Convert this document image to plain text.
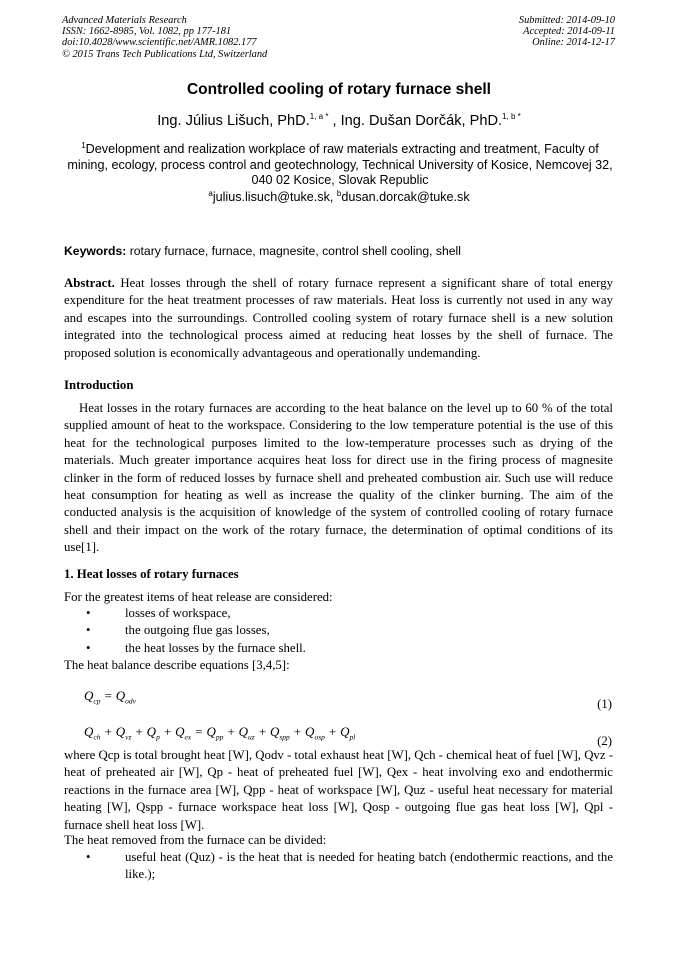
Advanced Materials Research
ISSN: 1662-8985, Vol. 1082, pp 177-181
doi:10.4028/www.scientific.net/AMR.1082.177
© 2015 Trans Tech Publications Ltd, Switzerland
Submitted: 2014-09-10
Accepted: 2014-09-11
Online: 2014-12-17
Controlled cooling of rotary furnace shell
Ing. Július Lišuch, PhD.$^{1, a *}$ , Ing. Dušan Dorčák, PhD.$^{1, b *}$
$^1$Development and realization workplace of raw materials extracting and treatment, Faculty of mining, ecology, process control and geotechnology, Technical University of Kosice, Nemcovej 32, 040 02 Kosice, Slovak Republic
$^a$julius.lisuch@tuke.sk, $^b$dusan.dorcak@tuke.sk
Keywords: rotary furnace, furnace, magnesite, control shell cooling, shell
Abstract. Heat losses through the shell of rotary furnace represent a significant share of total energy expenditure for the heat treatment processes of raw materials. Heat loss is currently not used in any way and escapes into the surroundings. Controlled cooling system of rotary furnace shell is a new solution integrated into the technological process aimed at reducing heat losses by the shell of furnace. The proposed solution is economically advantageous and operationally undemanding.
Introduction
Heat losses in the rotary furnaces are according to the heat balance on the level up to 60 % of the total supplied amount of heat to the workspace. Considering to the low temperature potential is the use of this heat for the technological purposes limited to the low-temperature processes such as drying of the materials. Much greater importance acquires heat loss for direct use in the firing process of magnesite clinker in the form of reduced losses by furnace shell and preheated combustion air. Such use will reduce heat consumption for heating as well as increase the quality of the clinker burning. The aim of the conducted analysis is the acquisition of knowledge of the system of controlled cooling of rotary furnace shell and their impact on the work of the rotary furnace, the determination of optimal conditions of its use[1].
1. Heat losses of rotary furnaces
For the greatest items of heat release are considered:
•	losses of workspace,
•	the outgoing flue gas losses,
•	the heat losses by the furnace shell.
The heat balance describe equations [3,4,5]:
$Q_{cp} = Q_{odv}$	(1)
$Q_{ch} + Q_{vz} + Q_p + Q_{ex} = Q_{pp} + Q_{uz} + Q_{spp} + Q_{osp} + Q_{pl}$	(2)
where Qcp is total brought heat [W], Qodv - total exhaust heat [W], Qch - chemical heat of fuel [W], Qvz - heat of preheated air [W], Qp - heat of preheated fuel [W], Qex - heat involving exo and endothermic reactions in the furnace area [W], Qpp - heat of workspace [W], Quz - useful heat necessary for material heating [W], Qspp - furnace workspace heat loss [W], Qosp - outgoing flue gas heat loss [W], Qpl - furnace shell heat loss [W].
The heat removed from the furnace can be divided:
•	useful heat (Quz) - is the heat that is needed for heating batch (endothermic reactions, and the like.);
